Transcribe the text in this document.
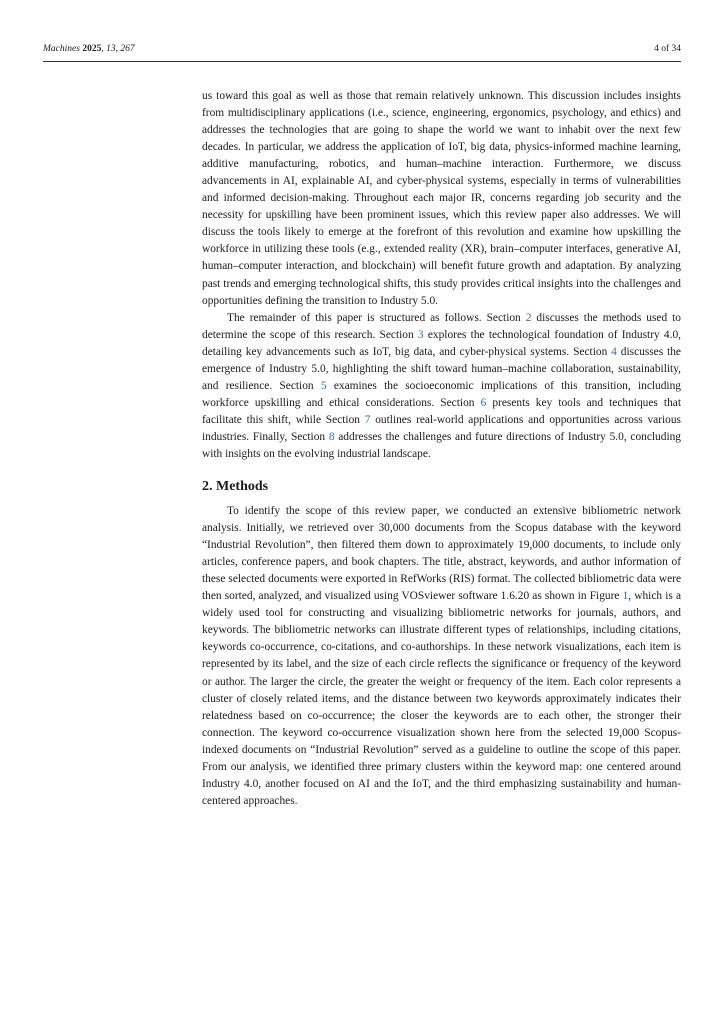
Machines 2025, 13, 267	4 of 34

us toward this goal as well as those that remain relatively unknown. This discussion includes insights from multidisciplinary applications (i.e., science, engineering, ergonomics, psychology, and ethics) and addresses the technologies that are going to shape the world we want to inhabit over the next few decades. In particular, we address the application of IoT, big data, physics-informed machine learning, additive manufacturing, robotics, and human–machine interaction. Furthermore, we discuss advancements in AI, explainable AI, and cyber-physical systems, especially in terms of vulnerabilities and informed decision-making. Throughout each major IR, concerns regarding job security and the necessity for upskilling have been prominent issues, which this review paper also addresses. We will discuss the tools likely to emerge at the forefront of this revolution and examine how upskilling the workforce in utilizing these tools (e.g., extended reality (XR), brain–computer interfaces, generative AI, human–computer interaction, and blockchain) will benefit future growth and adaptation. By analyzing past trends and emerging technological shifts, this study provides critical insights into the challenges and opportunities defining the transition to Industry 5.0.

The remainder of this paper is structured as follows. Section 2 discusses the methods used to determine the scope of this research. Section 3 explores the technological foundation of Industry 4.0, detailing key advancements such as IoT, big data, and cyber-physical systems. Section 4 discusses the emergence of Industry 5.0, highlighting the shift toward human–machine collaboration, sustainability, and resilience. Section 5 examines the socioeconomic implications of this transition, including workforce upskilling and ethical considerations. Section 6 presents key tools and techniques that facilitate this shift, while Section 7 outlines real-world applications and opportunities across various industries. Finally, Section 8 addresses the challenges and future directions of Industry 5.0, concluding with insights on the evolving industrial landscape.

2. Methods

To identify the scope of this review paper, we conducted an extensive bibliometric network analysis. Initially, we retrieved over 30,000 documents from the Scopus database with the keyword “Industrial Revolution”, then filtered them down to approximately 19,000 documents, to include only articles, conference papers, and book chapters. The title, abstract, keywords, and author information of these selected documents were exported in RefWorks (RIS) format. The collected bibliometric data were then sorted, analyzed, and visualized using VOSviewer software 1.6.20 as shown in Figure 1, which is a widely used tool for constructing and visualizing bibliometric networks for journals, authors, and keywords. The bibliometric networks can illustrate different types of relationships, including citations, keywords co-occurrence, co-citations, and co-authorships. In these network visualizations, each item is represented by its label, and the size of each circle reflects the significance or frequency of the keyword or author. The larger the circle, the greater the weight or frequency of the item. Each color represents a cluster of closely related items, and the distance between two keywords approximately indicates their relatedness based on co-occurrence; the closer the keywords are to each other, the stronger their connection. The keyword co-occurrence visualization shown here from the selected 19,000 Scopus-indexed documents on “Industrial Revolution” served as a guideline to outline the scope of this paper. From our analysis, we identified three primary clusters within the keyword map: one centered around Industry 4.0, another focused on AI and the IoT, and the third emphasizing sustainability and human-centered approaches.
